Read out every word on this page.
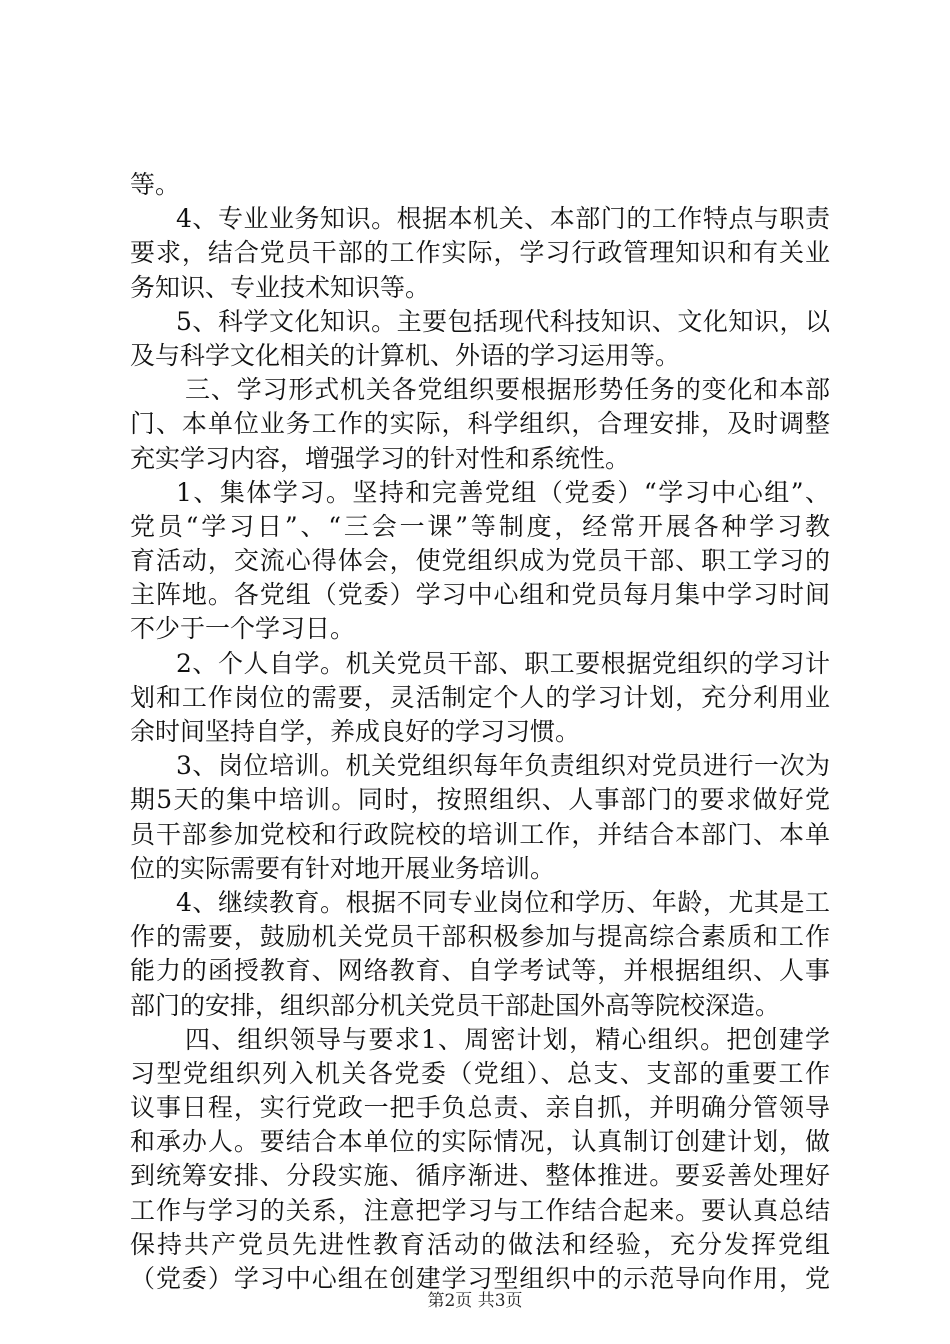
等。
4、专业业务知识。根据本机关、本部门的工作特点与职责
要求，结合党员干部的工作实际，学习行政管理知识和有关业
务知识、专业技术知识等。
5、科学文化知识。主要包括现代科技知识、文化知识，以
及与科学文化相关的计算机、外语的学习运用等。
三、学习形式机关各党组织要根据形势任务的变化和本部
门、本单位业务工作的实际，科学组织，合理安排，及时调整
充实学习内容，增强学习的针对性和系统性。
1、集体学习。坚持和完善党组（党委）“学习中心组”、
党员“学习日”、“三会一课”等制度，经常开展各种学习教
育活动，交流心得体会，使党组织成为党员干部、职工学习的
主阵地。各党组（党委）学习中心组和党员每月集中学习时间
不少于一个学习日。
2、个人自学。机关党员干部、职工要根据党组织的学习计
划和工作岗位的需要，灵活制定个人的学习计划，充分利用业
余时间坚持自学，养成良好的学习习惯。
3、岗位培训。机关党组织每年负责组织对党员进行一次为
期5天的集中培训。同时，按照组织、人事部门的要求做好党
员干部参加党校和行政院校的培训工作，并结合本部门、本单
位的实际需要有针对地开展业务培训。
4、继续教育。根据不同专业岗位和学历、年龄，尤其是工
作的需要，鼓励机关党员干部积极参加与提高综合素质和工作
能力的函授教育、网络教育、自学考试等，并根据组织、人事
部门的安排，组织部分机关党员干部赴国外高等院校深造。
四、组织领导与要求1、周密计划，精心组织。把创建学
习型党组织列入机关各党委（党组）、总支、支部的重要工作
议事日程，实行党政一把手负总责、亲自抓，并明确分管领导
和承办人。要结合本单位的实际情况，认真制订创建计划，做
到统筹安排、分段实施、循序渐进、整体推进。要妥善处理好
工作与学习的关系，注意把学习与工作结合起来。要认真总结
保持共产党员先进性教育活动的做法和经验，充分发挥党组
（党委）学习中心组在创建学习型组织中的示范导向作用，党
第2页 共3页
